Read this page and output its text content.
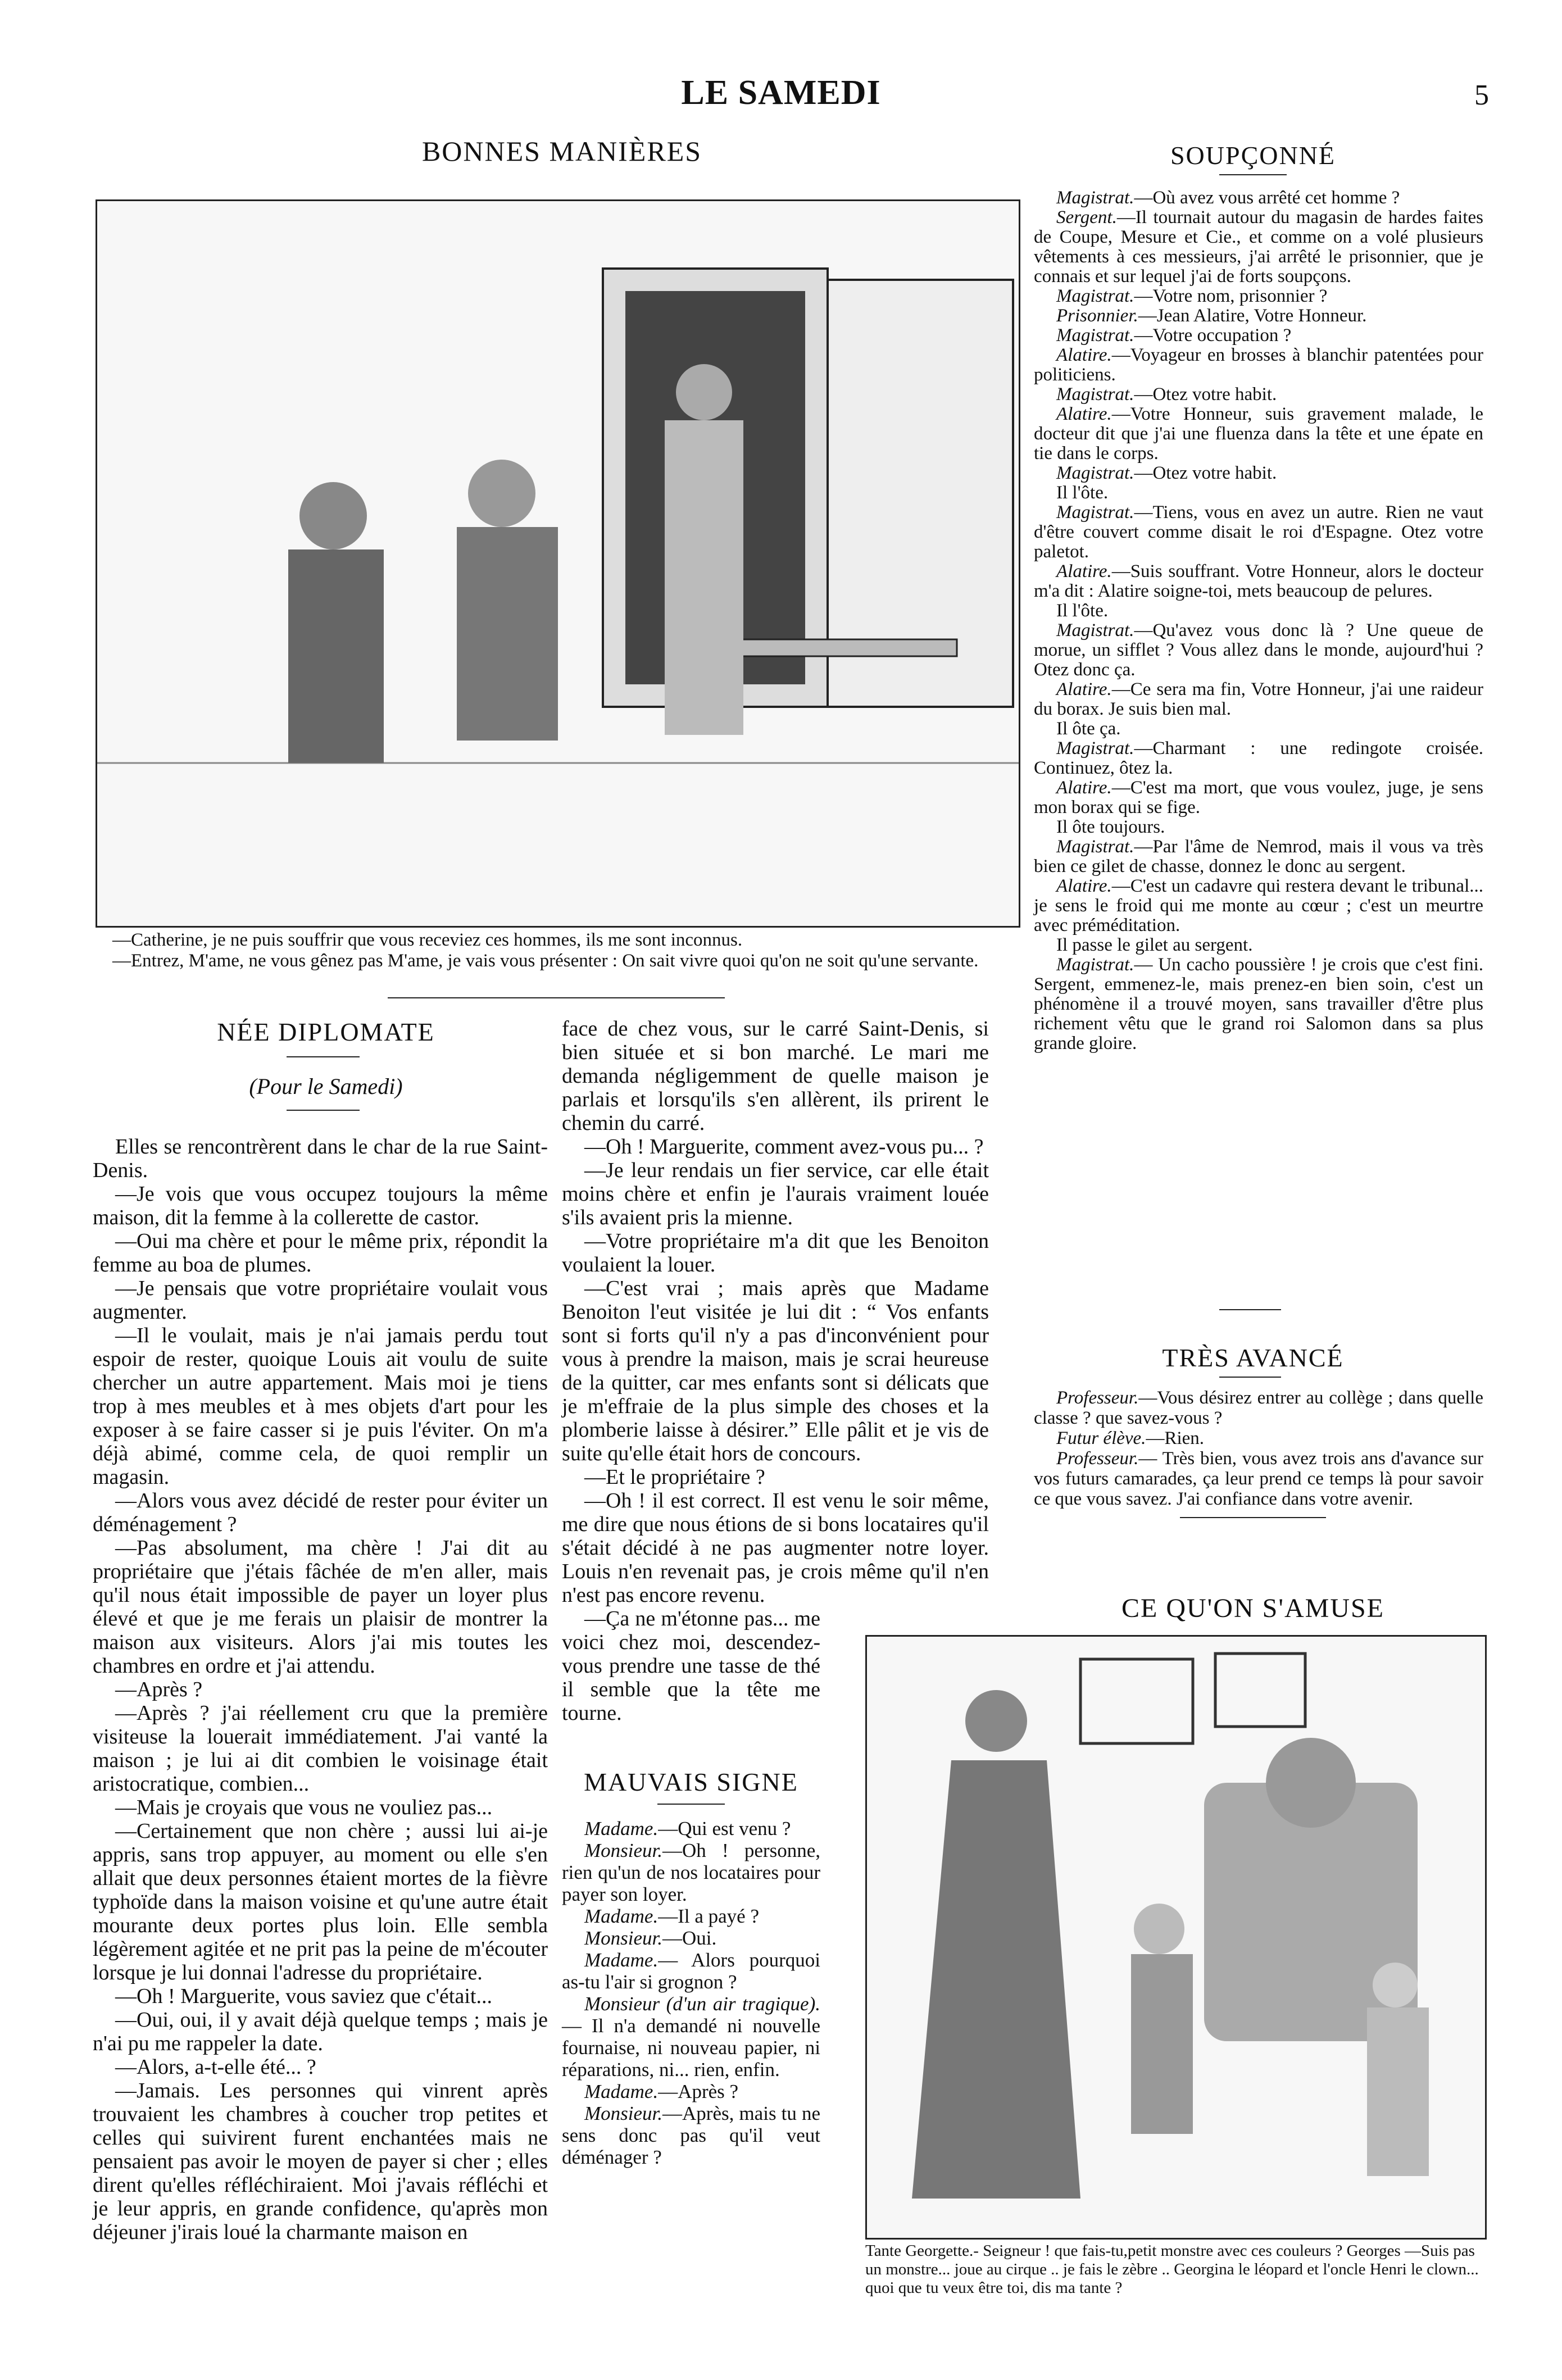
LE SAMEDI	5
BONNES MANIÈRES
—Catherine, je ne puis souffrir que vous receviez ces hommes, ils me sont inconnus.
—Entrez, M'ame, ne vous gênez pas M'ame, je vais vous présenter : On sait vivre quoi qu'on ne soit qu'une servante.
NÉE DIPLOMATE
(Pour le Samedi)

Elles se rencontrèrent dans le char de la rue Saint-Denis.

—Je vois que vous occupez toujours la même maison, dit la femme à la collerette de castor.

—Oui ma chère et pour le même prix, répondit la femme au boa de plumes.

—Je pensais que votre propriétaire voulait vous augmenter.

—Il le voulait, mais je n'ai jamais perdu tout espoir de rester, quoique Louis ait voulu de suite chercher un autre appartement. Mais moi je tiens trop à mes meubles et à mes objets d'art pour les exposer à se faire casser si je puis l'éviter. On m'a déjà abimé, comme cela, de quoi remplir un magasin.

—Alors vous avez décidé de rester pour éviter un déménagement ?

—Pas absolument, ma chère ! J'ai dit au propriétaire que j'étais fâchée de m'en aller, mais qu'il nous était impossible de payer un loyer plus élevé et que je me ferais un plaisir de montrer la maison aux visiteurs. Alors j'ai mis toutes les chambres en ordre et j'ai attendu.

—Après ?

—Après ? j'ai réellement cru que la première visiteuse la louerait immédiatement. J'ai vanté la maison ; je lui ai dit combien le voisinage était aristocratique, combien...

—Mais je croyais que vous ne vouliez pas...

—Certainement que non chère ; aussi lui ai-je appris, sans trop appuyer, au moment ou elle s'en allait que deux personnes étaient mortes de la fièvre typhoïde dans la maison voisine et qu'une autre était mourante deux portes plus loin. Elle sembla légèrement agitée et ne prit pas la peine de m'écouter lorsque je lui donnai l'adresse du propriétaire.

—Oh ! Marguerite, vous saviez que c'était...

—Oui, oui, il y avait déjà quelque temps ; mais je n'ai pu me rappeler la date.

—Alors, a-t-elle été... ?

—Jamais. Les personnes qui vinrent après trouvaient les chambres à coucher trop petites et celles qui suivirent furent enchantées mais ne pensaient pas avoir le moyen de payer si cher ; elles dirent qu'elles réfléchiraient. Moi j'avais réfléchi et je leur appris, en grande confidence, qu'après mon déjeuner j'irais loué la charmante maison en

face de chez vous, sur le carré Saint-Denis, si bien située et si bon marché. Le mari me demanda négligemment de quelle maison je parlais et lorsqu'ils s'en allèrent, ils prirent le chemin du carré.

—Oh ! Marguerite, comment avez-vous pu... ?

—Je leur rendais un fier service, car elle était moins chère et enfin je l'aurais vraiment louée s'ils avaient pris la mienne.

—Votre propriétaire m'a dit que les Benoiton voulaient la louer.

—C'est vrai ; mais après que Madame Benoiton l'eut visitée je lui dit : “ Vos enfants sont si forts qu'il n'y a pas d'inconvénient pour vous à prendre la maison, mais je scrai heureuse de la quitter, car mes enfants sont si délicats que je m'effraie de la plus simple des choses et la plomberie laisse à désirer.” Elle pâlit et je vis de suite qu'elle était hors de concours.

—Et le propriétaire ?

—Oh ! il est correct. Il est venu le soir même, me dire que nous étions de si bons locataires qu'il s'était décidé à ne pas augmenter notre loyer. Louis n'en revenait pas, je crois même qu'il n'en n'est pas encore revenu.

—Ça ne m'étonne pas... me voici chez moi, descendez-vous prendre une tasse de thé il semble que la tête me tourne.

MAUVAIS SIGNE

Madame.—Qui est venu ?

Monsieur.—Oh ! personne, rien qu'un de nos locataires pour payer son loyer.

Madame.—Il a payé ?

Monsieur.—Oui.

Madame.— Alors pourquoi as-tu l'air si grognon ?

Monsieur (d'un air tragique).— Il n'a demandé ni nouvelle fournaise, ni nouveau papier, ni réparations, ni... rien, enfin.

Madame.—Après ?

Monsieur.—Après, mais tu ne sens donc pas qu'il veut déménager ?

SOUPÇONNÉ

Magistrat.—Où avez vous arrêté cet homme ?

Sergent.—Il tournait autour du magasin de hardes faites de Coupe, Mesure et Cie., et comme on a volé plusieurs vêtements à ces messieurs, j'ai arrêté le prisonnier, que je connais et sur lequel j'ai de forts soupçons.

Magistrat.—Votre nom, prisonnier ?

Prisonnier.—Jean Alatire, Votre Honneur.

Magistrat.—Votre occupation ?

Alatire.—Voyageur en brosses à blanchir patentées pour politiciens.

Magistrat.—Otez votre habit.

Alatire.—Votre Honneur, suis gravement malade, le docteur dit que j'ai une fluenza dans la tête et une épate en tie dans le corps.

Magistrat.—Otez votre habit.

Il l'ôte.

Magistrat.—Tiens, vous en avez un autre. Rien ne vaut d'être couvert comme disait le roi d'Espagne. Otez votre paletot.

Alatire.—Suis souffrant. Votre Honneur, alors le docteur m'a dit : Alatire soigne-toi, mets beaucoup de pelures.

Il l'ôte.

Magistrat.—Qu'avez vous donc là ? Une queue de morue, un sifflet ? Vous allez dans le monde, aujourd'hui ? Otez donc ça.

Alatire.—Ce sera ma fin, Votre Honneur, j'ai une raideur du borax. Je suis bien mal.

Il ôte ça.

Magistrat.—Charmant : une redingote croisée. Continuez, ôtez la.

Alatire.—C'est ma mort, que vous voulez, juge, je sens mon borax qui se fige.

Il ôte toujours.

Magistrat.—Par l'âme de Nemrod, mais il vous va très bien ce gilet de chasse, donnez le donc au sergent.

Alatire.—C'est un cadavre qui restera devant le tribunal... je sens le froid qui me monte au cœur ; c'est un meurtre avec préméditation.

Il passe le gilet au sergent.

Magistrat.— Un cacho poussière ! je crois que c'est fini. Sergent, emmenez-le, mais prenez-en bien soin, c'est un phénomène il a trouvé moyen, sans travailler d'être plus richement vêtu que le grand roi Salomon dans sa plus grande gloire.

TRÈS AVANCÉ

Professeur.—Vous désirez entrer au collège ; dans quelle classe ? que savez-vous ?

Futur élève.—Rien.

Professeur.— Très bien, vous avez trois ans d'avance sur vos futurs camarades, ça leur prend ce temps là pour savoir ce que vous savez. J'ai confiance dans votre avenir.

CE QU'ON S'AMUSE
Tante Georgette.- Seigneur ! que fais-tu,petit monstre avec ces couleurs ? Georges —Suis pas un monstre... joue au cirque .. je fais le zèbre .. Georgina le léopard et l'oncle Henri le clown... quoi que tu veux être toi, dis ma tante ?
